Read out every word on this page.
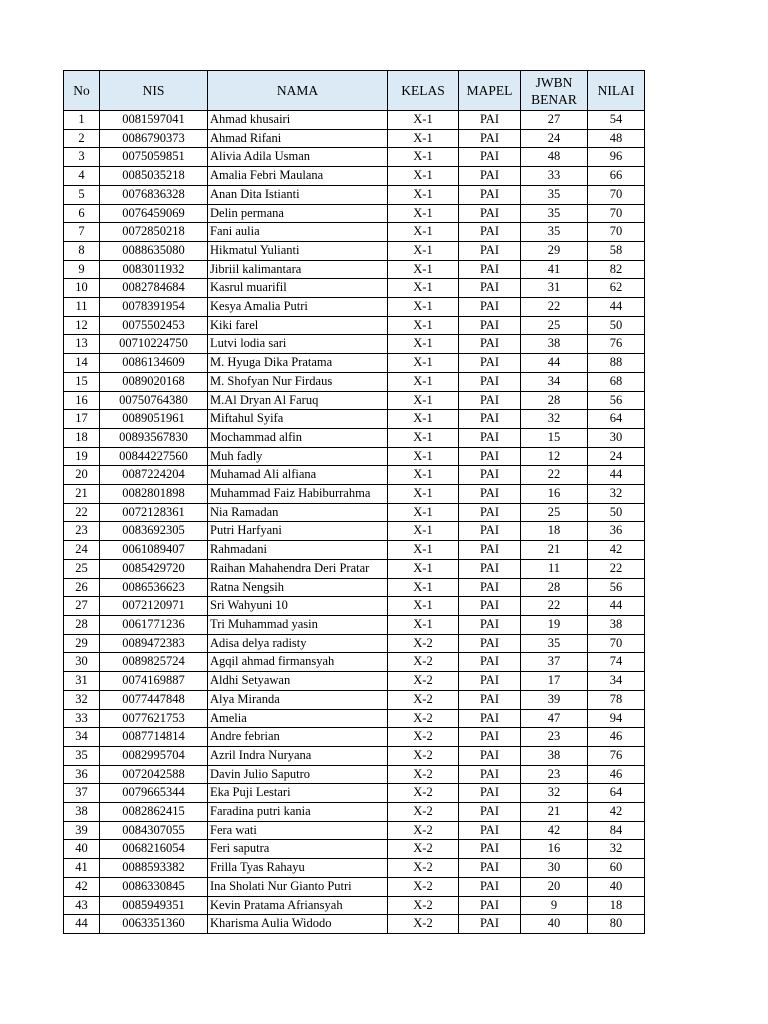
No	NIS	NAMA	KELAS	MAPEL	JWBN BENAR	NILAI
1	0081597041	Ahmad khusairi	X-1	PAI	27	54
2	0086790373	Ahmad Rifani	X-1	PAI	24	48
3	0075059851	Alivia Adila Usman	X-1	PAI	48	96
4	0085035218	Amalia Febri Maulana	X-1	PAI	33	66
5	0076836328	Anan Dita Istianti	X-1	PAI	35	70
6	0076459069	Delin permana	X-1	PAI	35	70
7	0072850218	Fani aulia	X-1	PAI	35	70
8	0088635080	Hikmatul Yulianti	X-1	PAI	29	58
9	0083011932	Jibriil kalimantara	X-1	PAI	41	82
10	0082784684	Kasrul muarifil	X-1	PAI	31	62
11	0078391954	Kesya Amalia Putri	X-1	PAI	22	44
12	0075502453	Kiki farel	X-1	PAI	25	50
13	00710224750	Lutvi lodia sari	X-1	PAI	38	76
14	0086134609	M. Hyuga Dika Pratama	X-1	PAI	44	88
15	0089020168	M. Shofyan Nur Firdaus	X-1	PAI	34	68
16	00750764380	M.Al Dryan Al Faruq	X-1	PAI	28	56
17	0089051961	Miftahul Syifa	X-1	PAI	32	64
18	00893567830	Mochammad alfin	X-1	PAI	15	30
19	00844227560	Muh fadly	X-1	PAI	12	24
20	0087224204	Muhamad Ali alfiana	X-1	PAI	22	44
21	0082801898	Muhammad Faiz Habiburrahma	X-1	PAI	16	32
22	0072128361	Nia Ramadan	X-1	PAI	25	50
23	0083692305	Putri Harfyani	X-1	PAI	18	36
24	0061089407	Rahmadani	X-1	PAI	21	42
25	0085429720	Raihan Mahahendra Deri Pratar	X-1	PAI	11	22
26	0086536623	Ratna Nengsih	X-1	PAI	28	56
27	0072120971	Sri Wahyuni 10	X-1	PAI	22	44
28	0061771236	Tri Muhammad yasin	X-1	PAI	19	38
29	0089472383	Adisa delya radisty	X-2	PAI	35	70
30	0089825724	Agqil ahmad firmansyah	X-2	PAI	37	74
31	0074169887	Aldhi Setyawan	X-2	PAI	17	34
32	0077447848	Alya Miranda	X-2	PAI	39	78
33	0077621753	Amelia	X-2	PAI	47	94
34	0087714814	Andre febrian	X-2	PAI	23	46
35	0082995704	Azril Indra Nuryana	X-2	PAI	38	76
36	0072042588	Davin Julio Saputro	X-2	PAI	23	46
37	0079665344	Eka Puji Lestari	X-2	PAI	32	64
38	0082862415	Faradina putri kania	X-2	PAI	21	42
39	0084307055	Fera wati	X-2	PAI	42	84
40	0068216054	Feri saputra	X-2	PAI	16	32
41	0088593382	Frilla Tyas Rahayu	X-2	PAI	30	60
42	0086330845	Ina Sholati Nur Gianto Putri	X-2	PAI	20	40
43	0085949351	Kevin Pratama Afriansyah	X-2	PAI	9	18
44	0063351360	Kharisma Aulia Widodo	X-2	PAI	40	80
